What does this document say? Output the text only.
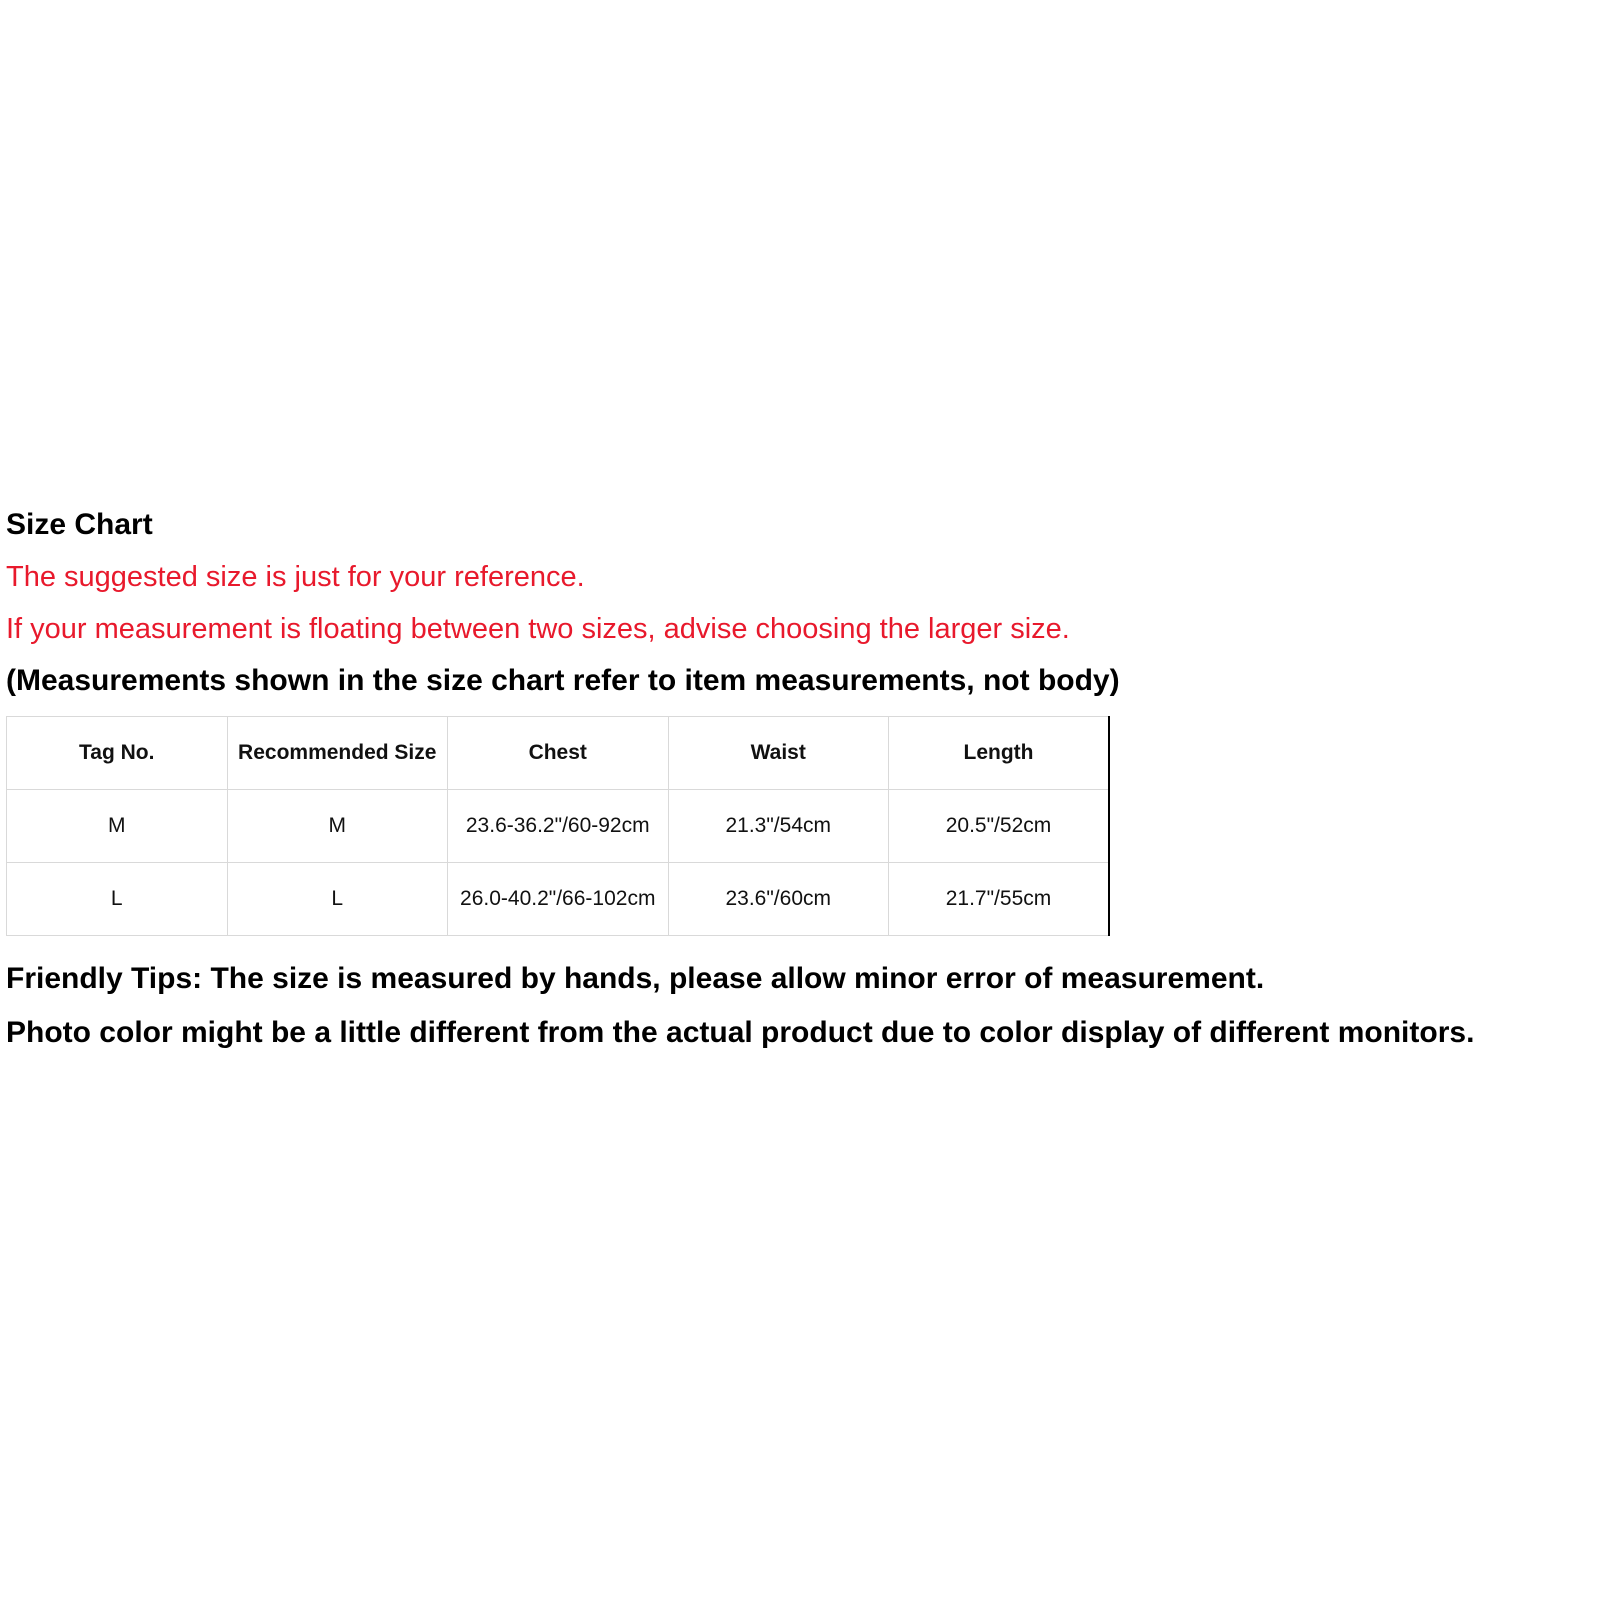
Size Chart

The suggested size is just for your reference.

If your measurement is floating between two sizes, advise choosing the larger size.

(Measurements shown in the size chart refer to item measurements, not body)

Tag No.	Recommended Size	Chest	Waist	Length
M	M	23.6-36.2"/60-92cm	21.3"/54cm	20.5"/52cm
L	L	26.0-40.2"/66-102cm	23.6"/60cm	21.7"/55cm

Friendly Tips: The size is measured by hands, please allow minor error of measurement.

Photo color might be a little different from the actual product due to color display of different monitors.
